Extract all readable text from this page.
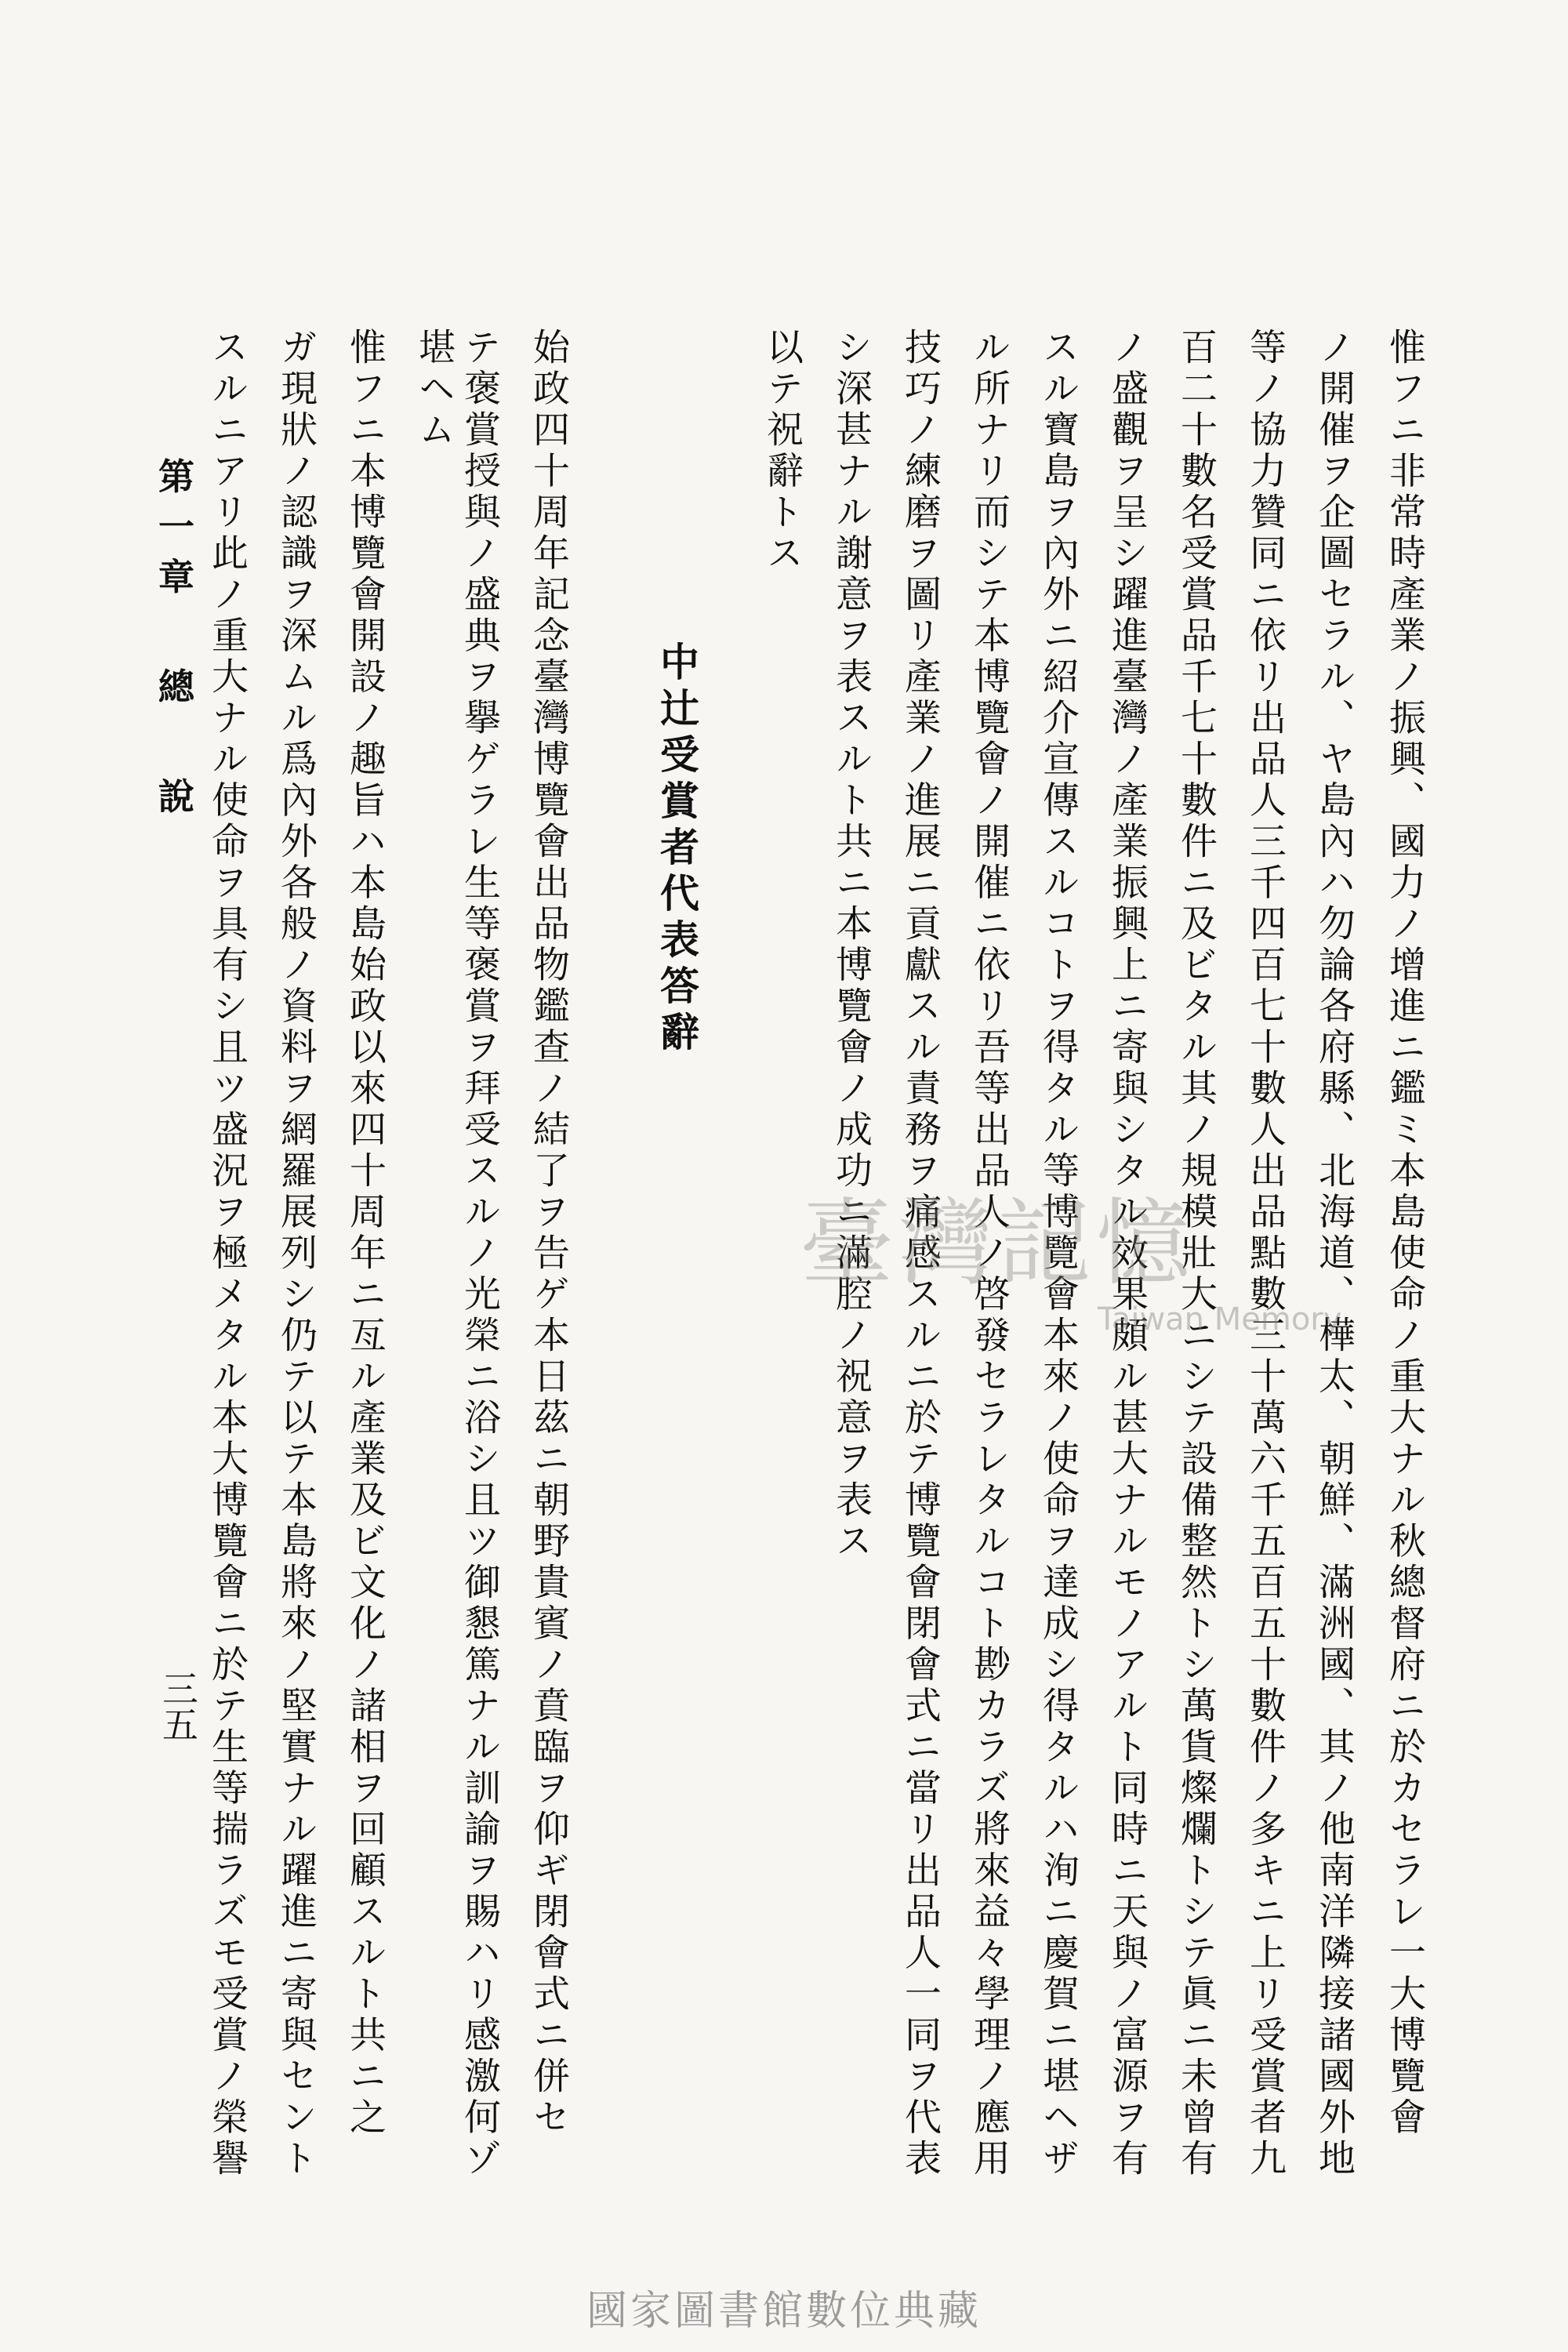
惟フニ非常時產業ノ振興、國力ノ增進ニ鑑ミ本島使命ノ重大ナル秋總督府ニ於カセラレ一大博覽會
ノ開催ヲ企圖セラル、ヤ島內ハ勿論各府縣、北海道、樺太、朝鮮、滿洲國、其ノ他南洋隣接諸國外地
等ノ協力贊同ニ依リ出品人三千四百七十數人出品點數三十萬六千五百五十數件ノ多キニ上リ受賞者九
百二十數名受賞品千七十數件ニ及ビタル其ノ規模壯大ニシテ設備整然トシ萬貨燦爛トシテ眞ニ未曾有
ノ盛觀ヲ呈シ躍進臺灣ノ產業振興上ニ寄與シタル效果頗ル甚大ナルモノアルト同時ニ天與ノ富源ヲ有
スル寶島ヲ內外ニ紹介宣傳スルコトヲ得タル等博覽會本來ノ使命ヲ達成シ得タルハ洵ニ慶賀ニ堪ヘザ
ル所ナリ而シテ本博覽會ノ開催ニ依リ吾等出品人ノ啓發セラレタルコト尠カラズ將來益々學理ノ應用
技巧ノ練磨ヲ圖リ產業ノ進展ニ貢獻スル責務ヲ痛感スルニ於テ博覽會閉會式ニ當リ出品人一同ヲ代表
シ深甚ナル謝意ヲ表スルト共ニ本博覽會ノ成功ニ滿腔ノ祝意ヲ表ス
以テ祝辭トス
中辻受賞者代表答辭
始政四十周年記念臺灣博覽會出品物鑑查ノ結了ヲ告ゲ本日茲ニ朝野貴賓ノ賁臨ヲ仰ギ閉會式ニ併セ
テ褒賞授與ノ盛典ヲ擧ゲラレ生等褒賞ヲ拜受スルノ光榮ニ浴シ且ツ御懇篤ナル訓諭ヲ賜ハリ感激何ゾ
堪ヘム
惟フニ本博覽會開設ノ趣旨ハ本島始政以來四十周年ニ亙ル產業及ビ文化ノ諸相ヲ回顧スルト共ニ之
ガ現狀ノ認識ヲ深ムル爲內外各般ノ資料ヲ網羅展列シ仍テ以テ本島將來ノ堅實ナル躍進ニ寄與セント
スルニアリ此ノ重大ナル使命ヲ具有シ且ツ盛況ヲ極メタル本大博覽會ニ於テ生等揣ラズモ受賞ノ榮譽
第
一
章
總
說
三五
臺灣記憶
Taiwan Memory
國家圖書館數位典藏
